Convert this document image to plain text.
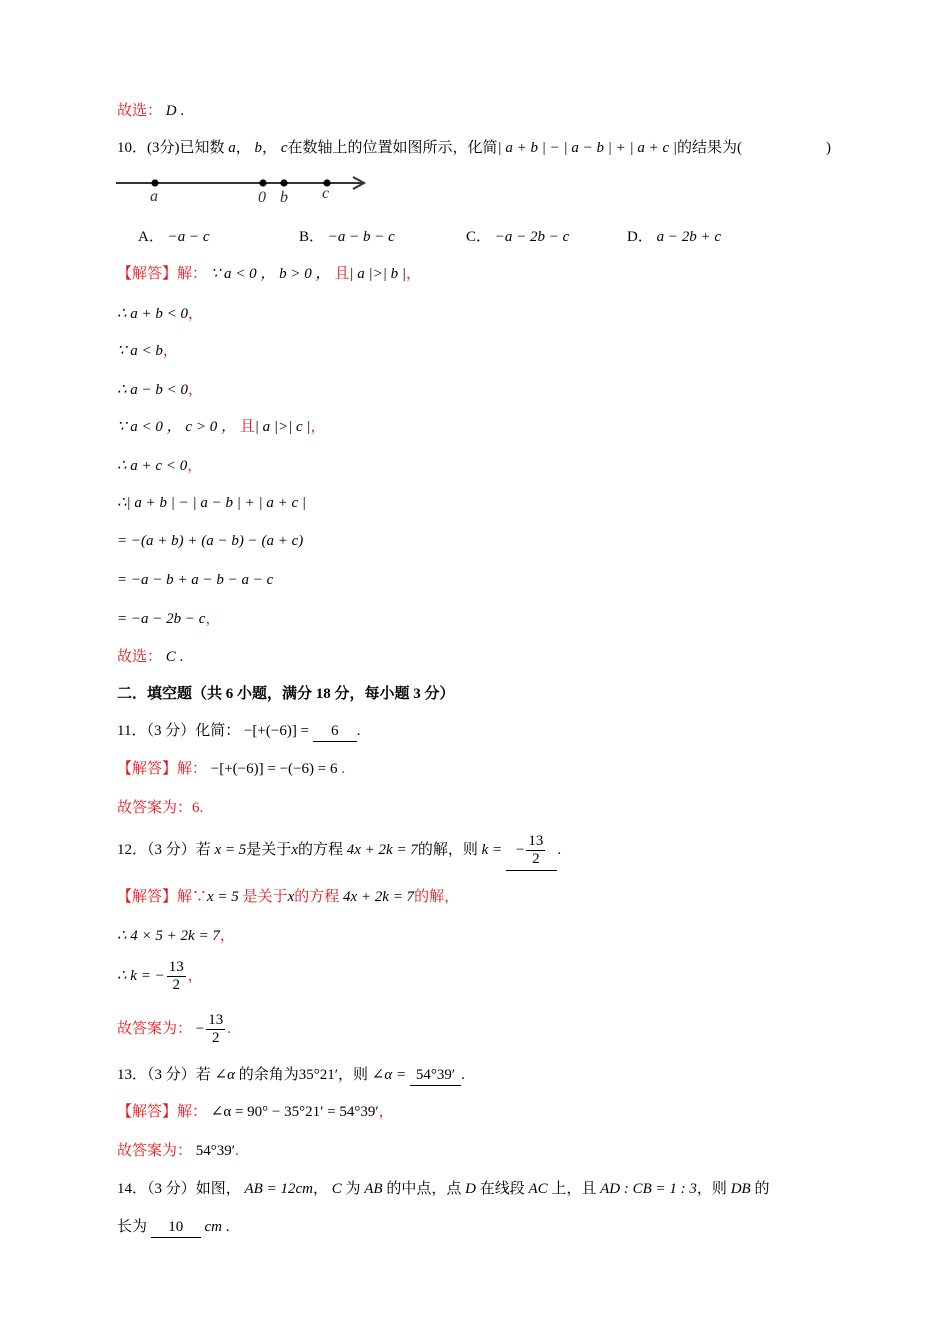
故选： D .
10．(3分)已知数 a， b， c在数轴上的位置如图所示，化简| a + b | − | a − b | + | a + c |的结果为(	)
a	0 b c
A． −a − c	B． −a − b − c	C． −a − 2b − c	D． a − 2b + c
【解答】解： ∵ a < 0 ， b > 0 ， 且| a |>| b |，
∴ a + b < 0，
∵ a < b，
∴ a − b < 0，
∵ a < 0 ， c > 0 ， 且| a |>| c |，
∴ a + c < 0，
∴| a + b | − | a − b | + | a + c |
= −(a + b) + (a − b) − (a + c)
= −a − b + a − b − a − c
= −a − 2b − c，
故选： C .
二．填空题（共 6 小题，满分 18 分，每小题 3 分）
11．（3 分）化简： −[+(−6)] = 6 .
【解答】解： −[+(−6)] = −(−6) = 6 .
故答案为：6.
12．（3 分）若 x = 5是关于x的方程 4x + 2k = 7的解，则 k = − $\frac{13}{2}$ .
【解答】解∵x = 5 是关于x的方程 4x + 2k = 7的解，
∴ 4 × 5 + 2k = 7，
∴ k = − $\frac{13}{2}$ ，
故答案为： − $\frac{13}{2}$ .
13．（3 分）若 ∠α 的余角为35°21′，则 ∠α = 54°39′ .
【解答】解： ∠α = 90° − 35°21′ = 54°39′，
故答案为： 54°39′.
14．（3 分）如图， AB = 12cm， C 为 AB 的中点，点 D 在线段 AC 上，且 AD : CB = 1 : 3，则 DB 的
长为 10 cm .
